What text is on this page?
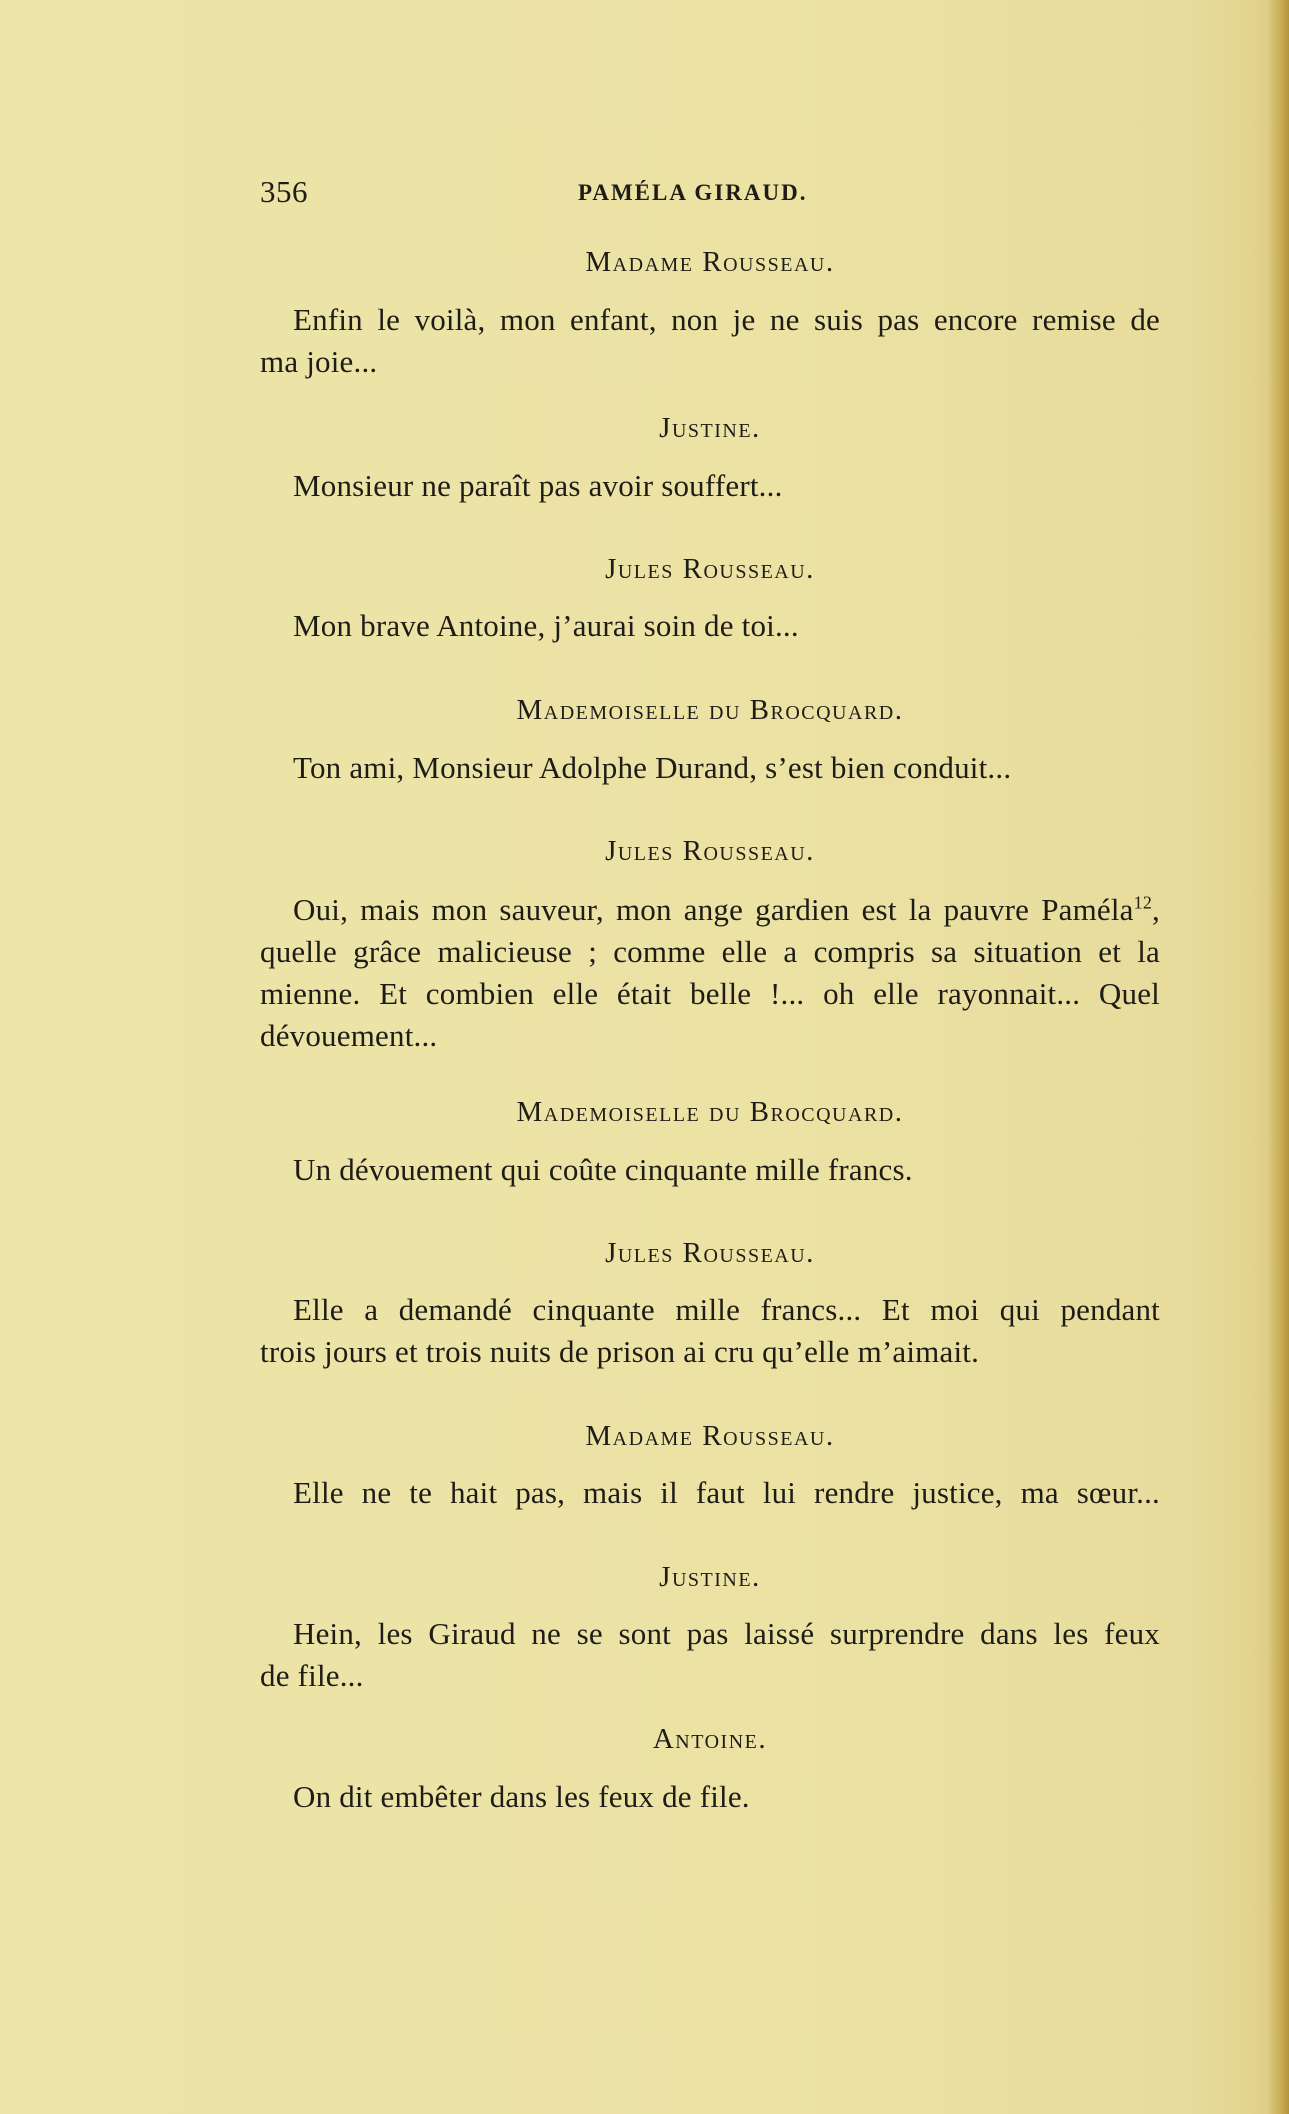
356	PAMÉLA GIRAUD.
Madame Rousseau.
Enfin le voilà, mon enfant, non je ne suis pas encore remise de
ma joie...
Justine.
Monsieur ne paraît pas avoir souffert...
Jules Rousseau.
Mon brave Antoine, j’aurai soin de toi...
Mademoiselle du Brocquard.
Ton ami, Monsieur Adolphe Durand, s’est bien conduit...
Jules Rousseau.
Oui, mais mon sauveur, mon ange gardien est la pauvre Paméla$^{12}$,
quelle grâce malicieuse ; comme elle a compris sa situation et la
mienne. Et combien elle était belle !... oh elle rayonnait... Quel
dévouement...
Mademoiselle du Brocquard.
Un dévouement qui coûte cinquante mille francs.
Jules Rousseau.
Elle a demandé cinquante mille francs... Et moi qui pendant
trois jours et trois nuits de prison ai cru qu’elle m’aimait.
Madame Rousseau.
Elle ne te hait pas, mais il faut lui rendre justice, ma sœur...
Justine.
Hein, les Giraud ne se sont pas laissé surprendre dans les feux
de file...
Antoine.
On dit embêter dans les feux de file.
